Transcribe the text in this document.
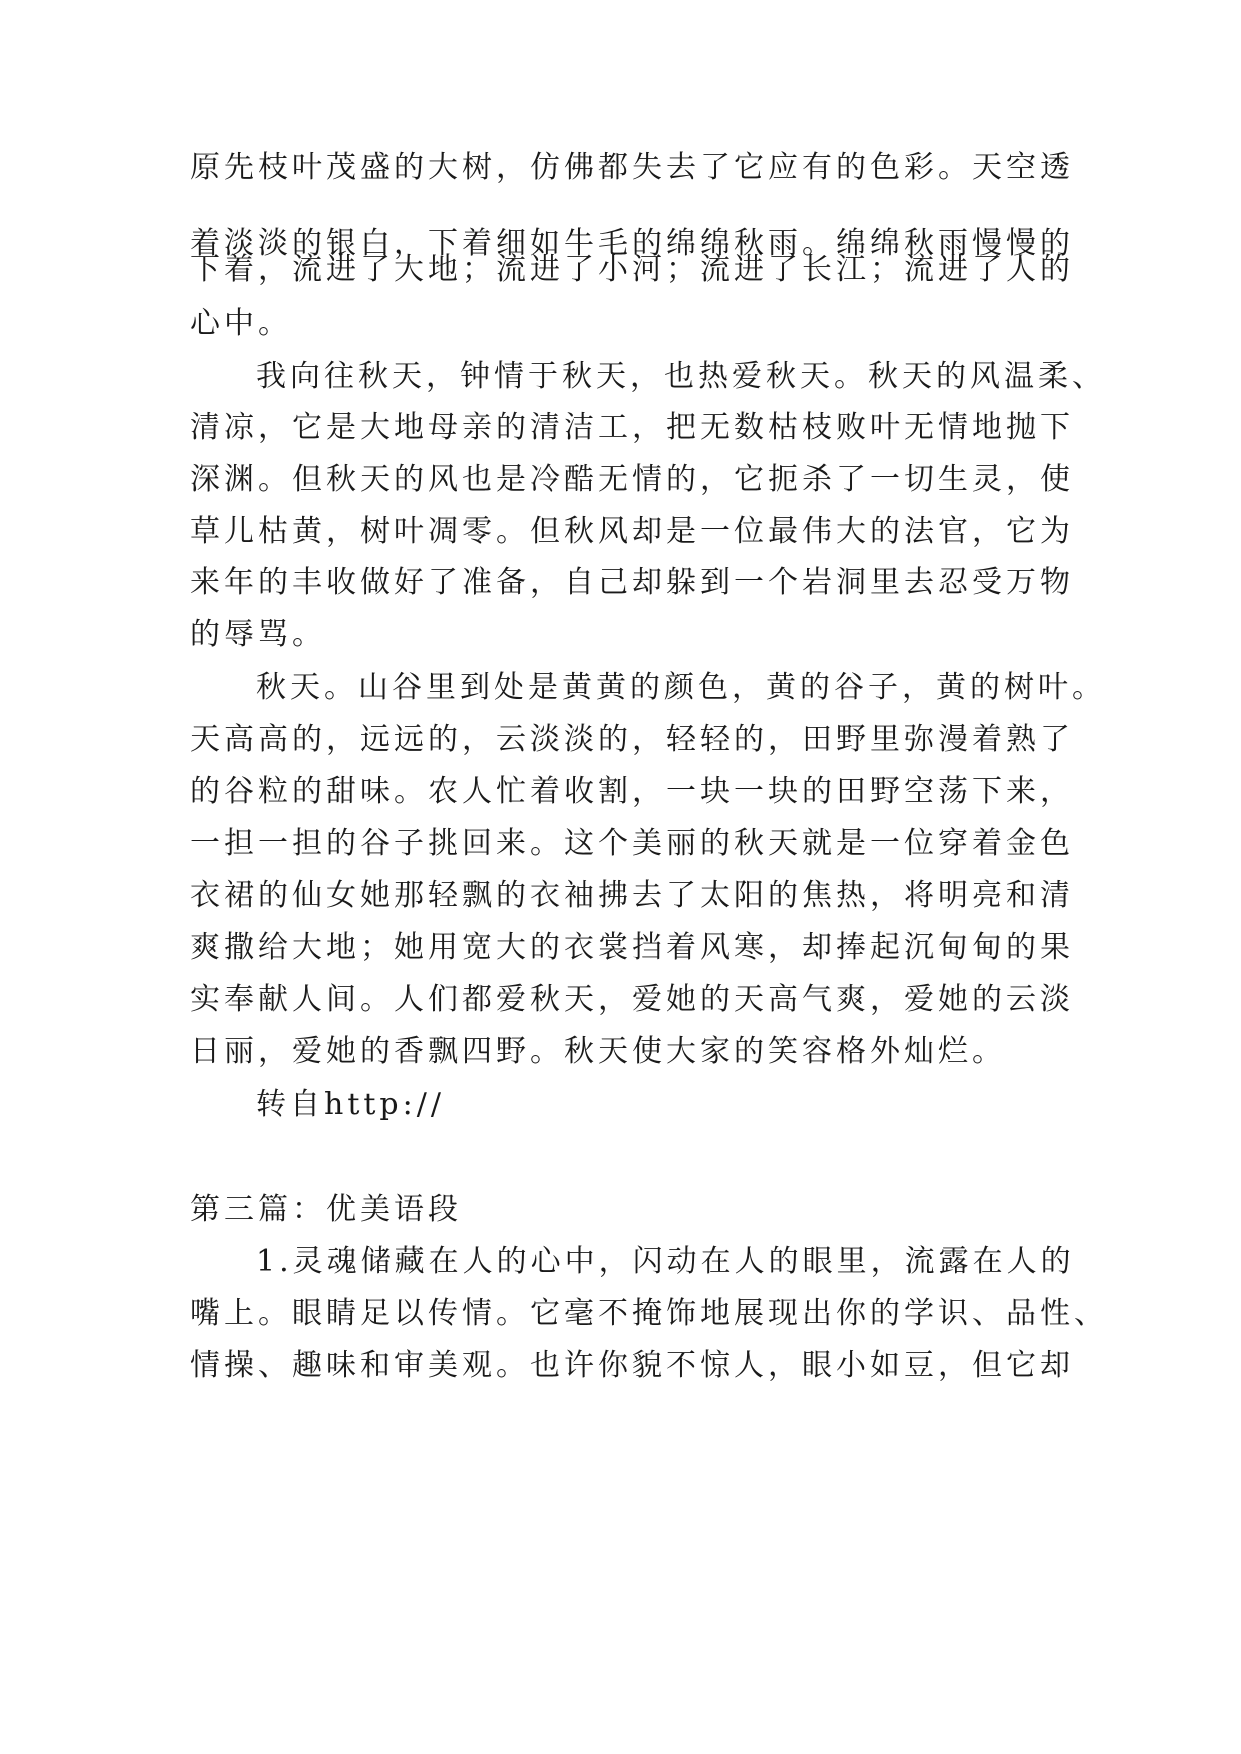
原先枝叶茂盛的大树，仿佛都失去了它应有的色彩。天空透
着淡淡的银白，下着细如牛毛的绵绵秋雨。绵绵秋雨慢慢的
下着，流进了大地；流进了小河；流进了长江；流进了人的
心中。
我向往秋天，钟情于秋天，也热爱秋天。秋天的风温柔、
清凉，它是大地母亲的清洁工，把无数枯枝败叶无情地抛下
深渊。但秋天的风也是冷酷无情的，它扼杀了一切生灵，使
草儿枯黄，树叶凋零。但秋风却是一位最伟大的法官，它为
来年的丰收做好了准备，自己却躲到一个岩洞里去忍受万物
的辱骂。
秋天。山谷里到处是黄黄的颜色，黄的谷子，黄的树叶。
天高高的，远远的，云淡淡的，轻轻的，田野里弥漫着熟了
的谷粒的甜味。农人忙着收割，一块一块的田野空荡下来，
一担一担的谷子挑回来。这个美丽的秋天就是一位穿着金色
衣裙的仙女她那轻飘的衣袖拂去了太阳的焦热，将明亮和清
爽撒给大地；她用宽大的衣裳挡着风寒，却捧起沉甸甸的果
实奉献人间。人们都爱秋天，爱她的天高气爽，爱她的云淡
日丽，爱她的香飘四野。秋天使大家的笑容格外灿烂。
转自http://
第三篇：优美语段
1.灵魂储藏在人的心中，闪动在人的眼里，流露在人的
嘴上。眼睛足以传情。它毫不掩饰地展现出你的学识、品性、
情操、趣味和审美观。也许你貌不惊人，眼小如豆，但它却
